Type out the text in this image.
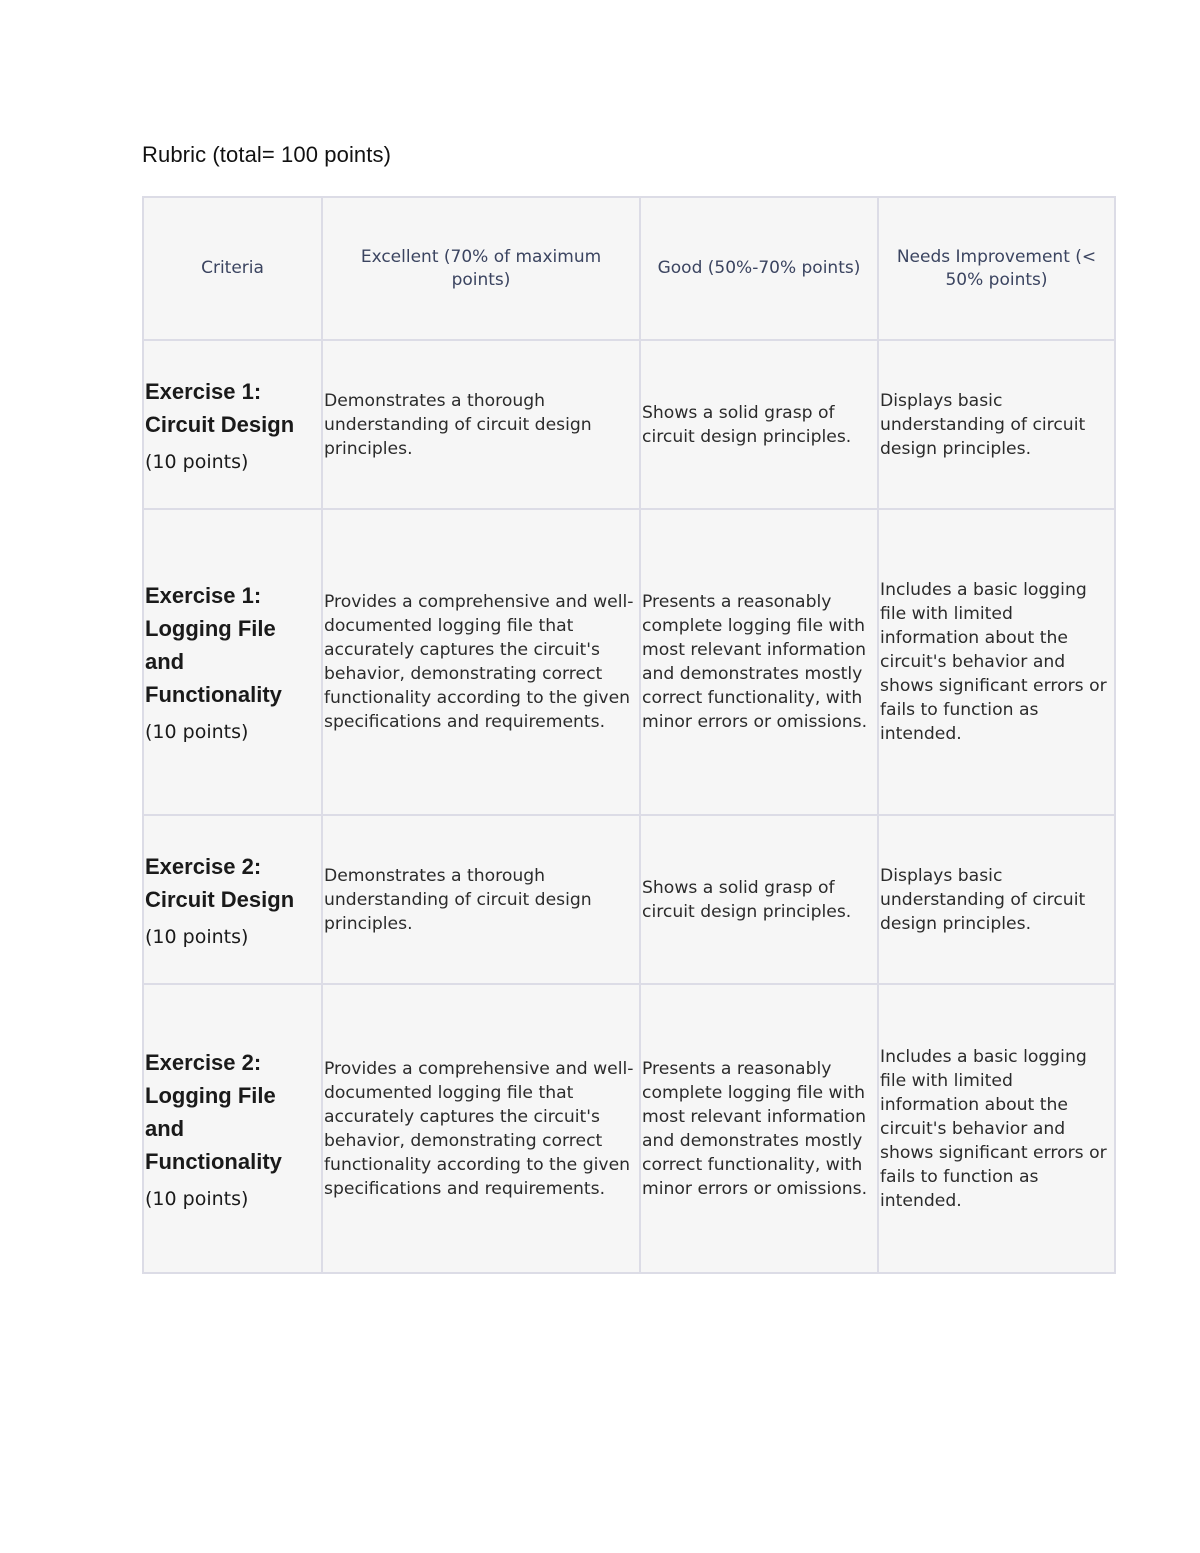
Rubric (total= 100 points)
Criteria	Excellent (70% of maximum points)	Good (50%-70% points)	Needs Improvement (< 50% points)

Exercise 1: Circuit Design
(10 points)	Demonstrates a thorough understanding of circuit design principles.	Shows a solid grasp of circuit design principles.	Displays basic understanding of circuit design principles.

Exercise 1: Logging File and Functionality
(10 points)	Provides a comprehensive and well-documented logging file that accurately captures the circuit's behavior, demonstrating correct functionality according to the given specifications and requirements.	Presents a reasonably complete logging file with most relevant information and demonstrates mostly correct functionality, with minor errors or omissions.	Includes a basic logging file with limited information about the circuit's behavior and shows significant errors or fails to function as intended.

Exercise 2: Circuit Design
(10 points)	Demonstrates a thorough understanding of circuit design principles.	Shows a solid grasp of circuit design principles.	Displays basic understanding of circuit design principles.

Exercise 2: Logging File and Functionality
(10 points)	Provides a comprehensive and well-documented logging file that accurately captures the circuit's behavior, demonstrating correct functionality according to the given specifications and requirements.	Presents a reasonably complete logging file with most relevant information and demonstrates mostly correct functionality, with minor errors or omissions.	Includes a basic logging file with limited information about the circuit's behavior and shows significant errors or fails to function as intended.
